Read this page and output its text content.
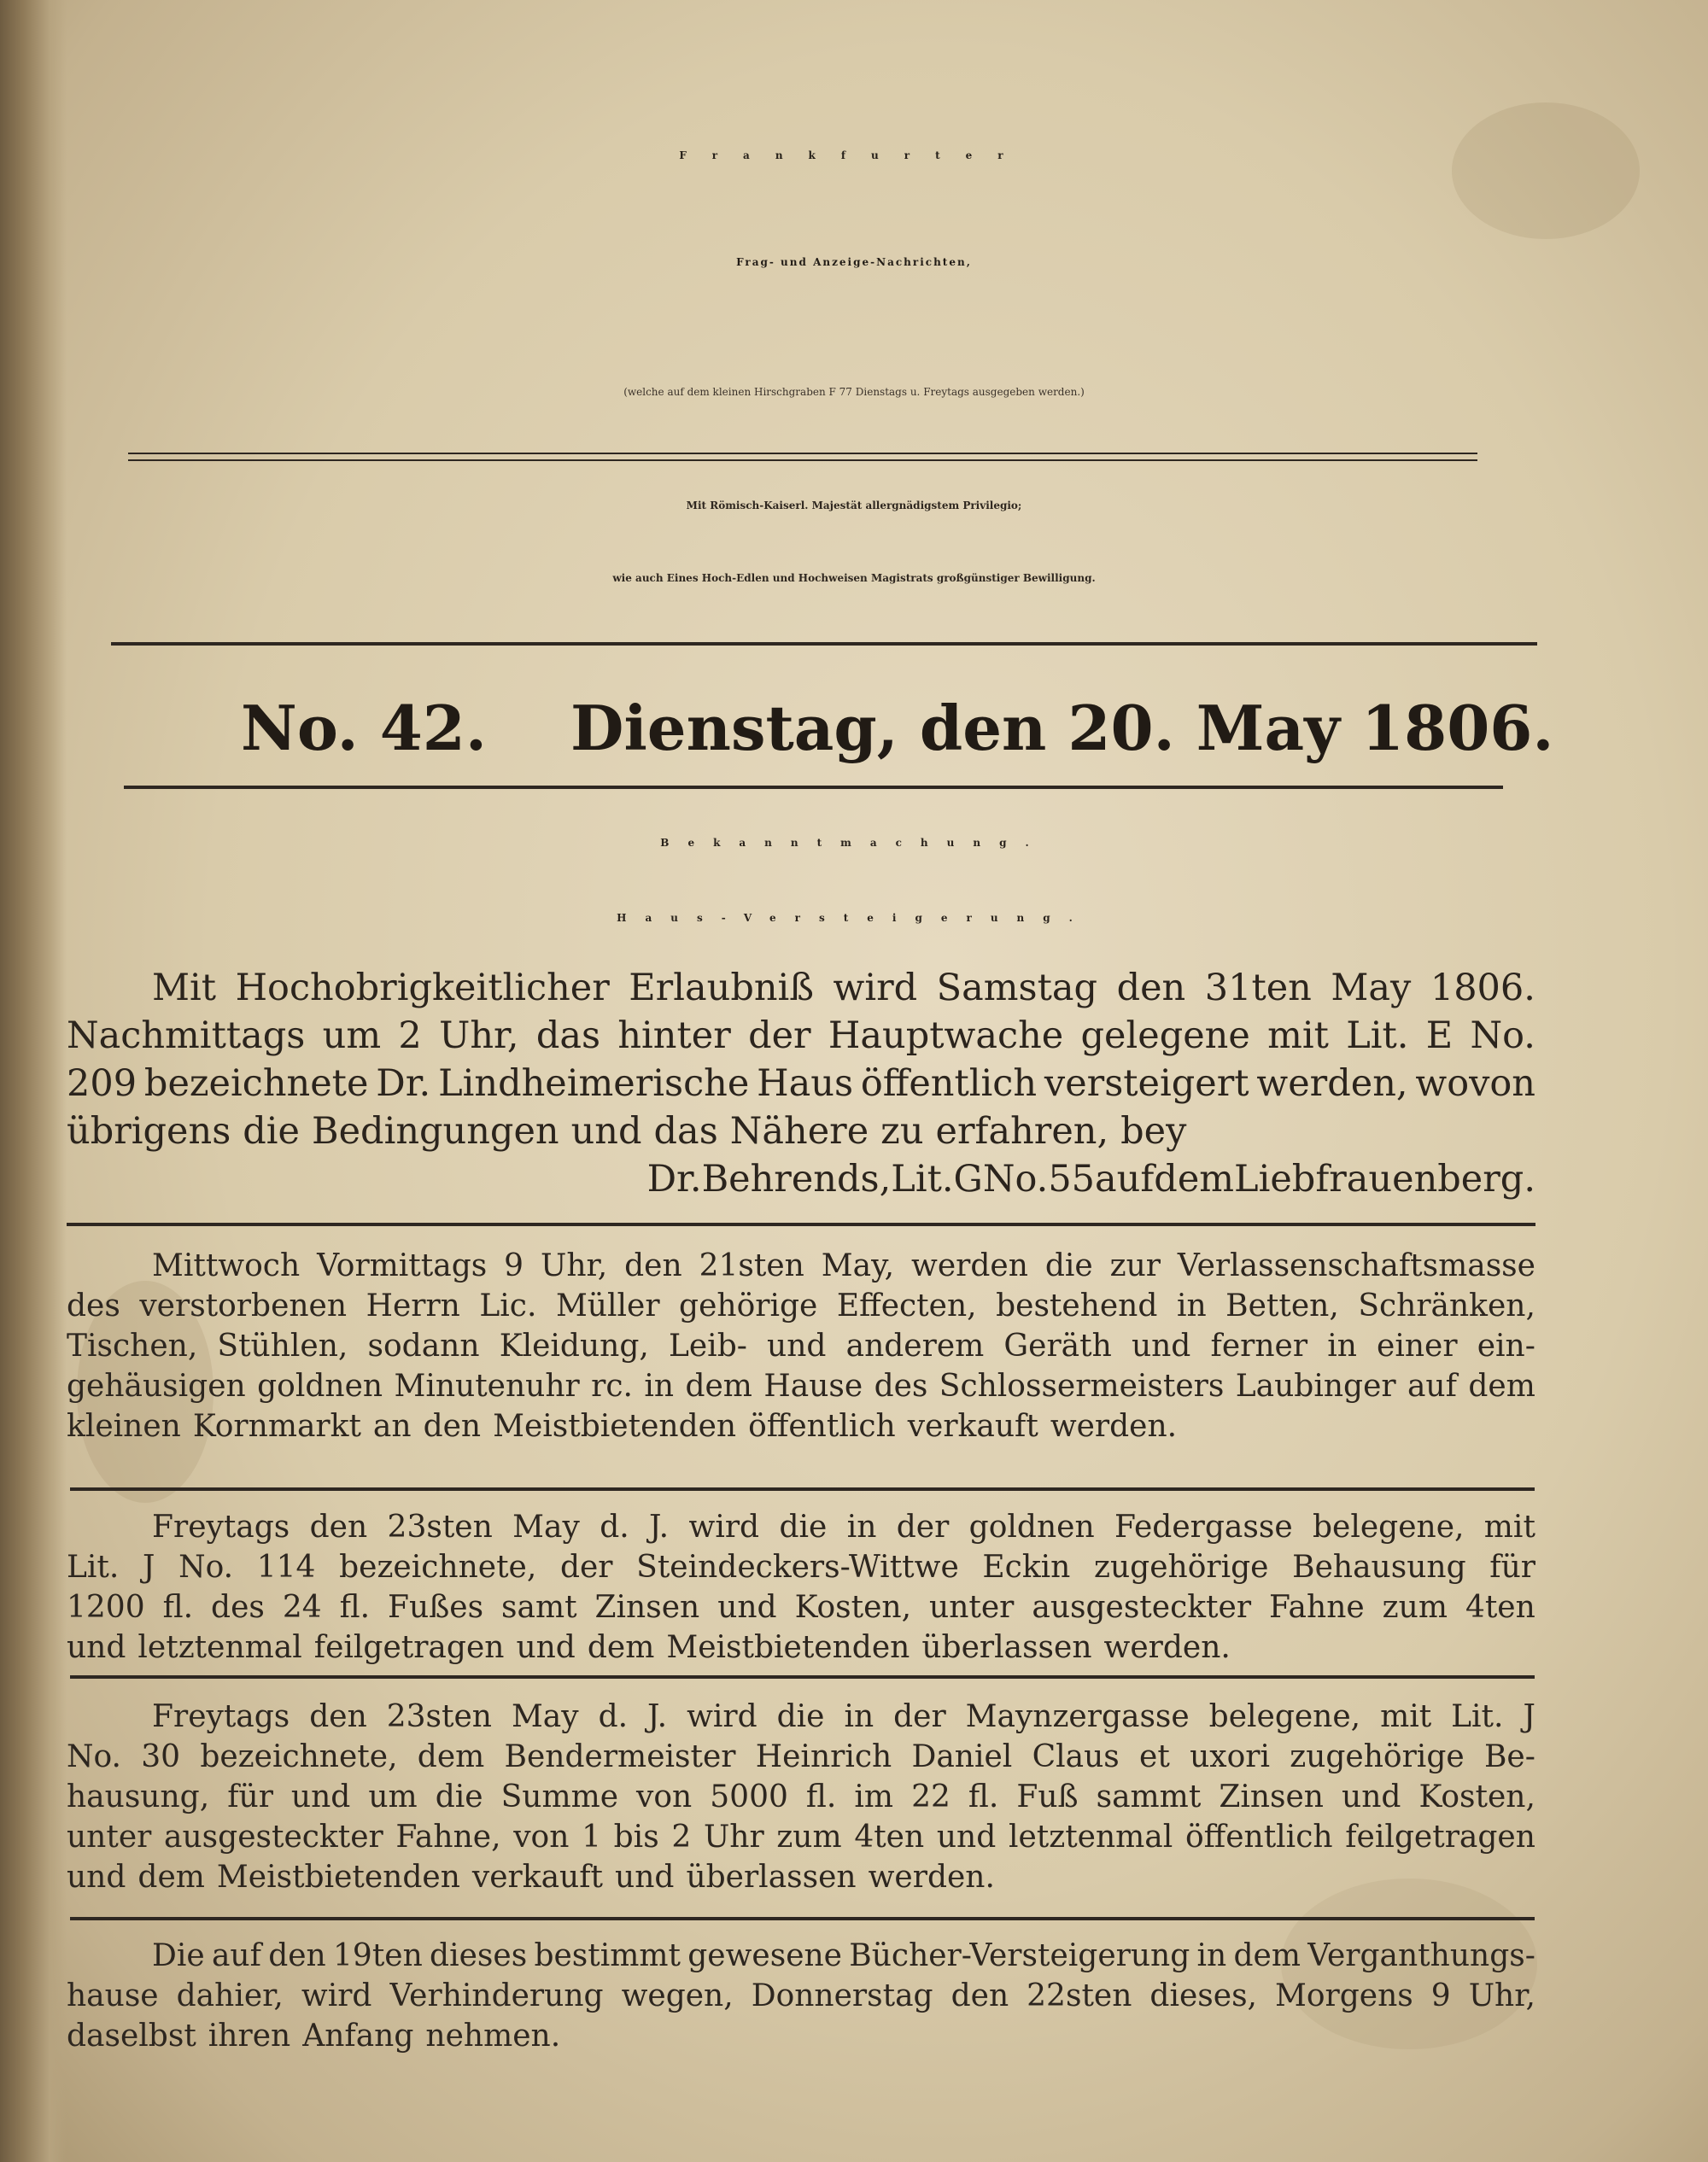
Frankfurter
Frag- und Anzeige-Nachrichten,
(welche auf dem kleinen Hirschgraben F 77 Dienstags u. Freytags ausgegeben werden.)
Mit Römisch-Kaiserl. Majestät allergnädigstem Privilegio;
wie auch Eines Hoch-Edlen und Hochweisen Magistrats großgünstiger Bewilligung.
No. 42. Dienstag, den 20. May 1806.
Bekanntmachung.
Haus-Versteigerung.
Mit Hochobrigkeitlicher Erlaubniß wird Samstag den 31ten May 1806.
Nachmittags um 2 Uhr, das hinter der Hauptwache gelegene mit Lit. E No.
209 bezeichnete Dr. Lindheimerische Haus öffentlich versteigert werden, wovon
übrigens die Bedingungen und das Nähere zu erfahren, bey
Dr. Behrends, Lit. G No. 55 auf dem Liebfrauenberg.
Mittwoch Vormittags 9 Uhr, den 21sten May, werden die zur Verlassenschaftsmasse
des verstorbenen Herrn Lic. Müller gehörige Effecten, bestehend in Betten, Schränken,
Tischen, Stühlen, sodann Kleidung, Leib- und anderem Geräth und ferner in einer ein-
gehäusigen goldnen Minutenuhr rc. in dem Hause des Schlossermeisters Laubinger auf dem
kleinen Kornmarkt an den Meistbietenden öffentlich verkauft werden.
Freytags den 23sten May d. J. wird die in der goldnen Federgasse belegene, mit
Lit. J No. 114 bezeichnete, der Steindeckers-Wittwe Eckin zugehörige Behausung für
1200 fl. des 24 fl. Fußes samt Zinsen und Kosten, unter ausgesteckter Fahne zum 4ten
und letztenmal feilgetragen und dem Meistbietenden überlassen werden.
Freytags den 23sten May d. J. wird die in der Maynzergasse belegene, mit Lit. J
No. 30 bezeichnete, dem Bendermeister Heinrich Daniel Claus et uxori zugehörige Be-
hausung, für und um die Summe von 5000 fl. im 22 fl. Fuß sammt Zinsen und Kosten,
unter ausgesteckter Fahne, von 1 bis 2 Uhr zum 4ten und letztenmal öffentlich feilgetragen
und dem Meistbietenden verkauft und überlassen werden.
Die auf den 19ten dieses bestimmt gewesene Bücher-Versteigerung in dem Verganthungs-
hause dahier, wird Verhinderung wegen, Donnerstag den 22sten dieses, Morgens 9 Uhr,
daselbst ihren Anfang nehmen.
